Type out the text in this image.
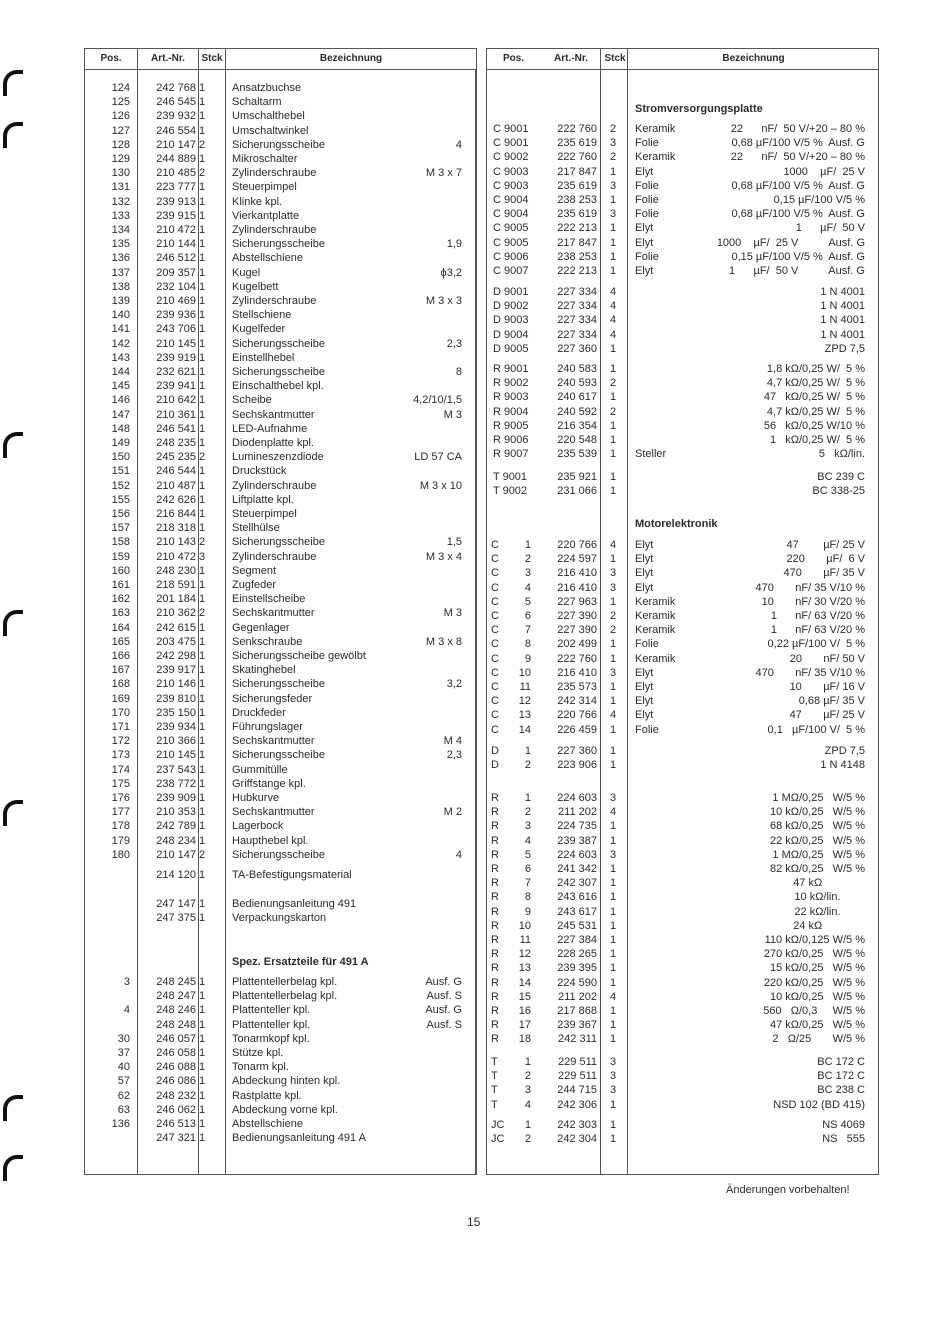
Pos.	Art.-Nr.	Stck	Bezeichnung
124	242 768 1	Ansatzbuchse
125	246 545 1	Schaltarm
126	239 932 1	Umschalthebel
127	246 554 1	Umschaltwinkel
128	210 147 2	Sicherungsscheibe	4
129	244 889 1	Mikroschalter
130	210 485 2	Zylinderschraube	M 3 x 7
131	223 777 1	Steuerpimpel
132	239 913 1	Klinke kpl.
133	239 915 1	Vierkantplatte
134	210 472 1	Zylinderschraube
135	210 144 1	Sicherungsscheibe	1,9
136	246 512 1	Abstellschiene
137	209 357 1	Kugel	ϕ3,2
138	232 104 1	Kugelbett
139	210 469 1	Zylinderschraube	M 3 x 3
140	239 936 1	Stellschiene
141	243 706 1	Kugelfeder
142	210 145 1	Sicherungsscheibe	2,3
143	239 919 1	Einstellhebel
144	232 621 1	Sicherungsscheibe	8
145	239 941 1	Einschalthebel kpl.
146	210 642 1	Scheibe	4,2/10/1,5
147	210 361 1	Sechskantmutter	M 3
148	246 541 1	LED-Aufnahme
149	248 235 1	Diodenplatte kpl.
150	245 235 2	Lumineszenzdiode	LD 57 CA
151	246 544 1	Druckstück
152	210 487 1	Zylinderschraube	M 3 x 10
155	242 626 1	Liftplatte kpl.
156	216 844 1	Steuerpimpel
157	218 318 1	Stellhülse
158	210 143 2	Sicherungsscheibe	1,5
159	210 472 3	Zylinderschraube	M 3 x 4
160	248 230 1	Segment
161	218 591 1	Zugfeder
162	201 184 1	Einstellscheibe
163	210 362 2	Sechskantmutter	M 3
164	242 615 1	Gegenlager
165	203 475 1	Senkschraube	M 3 x 8
166	242 298 1	Sicherungsscheibe gewölbt
167	239 917 1	Skatinghebel
168	210 146 1	Sicherungsscheibe	3,2
169	239 810 1	Sicherungsfeder
170	235 150 1	Druckfeder
171	239 934 1	Führungslager
172	210 366 1	Sechskantmutter	M 4
173	210 145 1	Sicherungsscheibe	2,3
174	237 543 1	Gummitülle
175	238 772 1	Griffstange kpl.
176	239 909 1	Hubkurve
177	210 353 1	Sechskantmutter	M 2
178	242 789 1	Lagerbock
179	248 234 1	Haupthebel kpl.
180	210 147 2	Sicherungsscheibe	4
214 120 1	TA-Befestigungsmaterial
247 147 1	Bedienungsanleitung 491
247 375 1	Verpackungskarton
Spez. Ersatzteile für 491 A
3	248 245 1	Plattentellerbelag kpl.	Ausf. G
248 247 1	Plattentellerbelag kpl.	Ausf. S
4	248 246 1	Plattenteller kpl.	Ausf. G
248 248 1	Plattenteller kpl.	Ausf. S
30	246 057 1	Tonarmkopf kpl.
37	246 058 1	Stütze kpl.
40	246 088 1	Tonarm kpl.
57	246 086 1	Abdeckung hinten kpl.
62	248 232 1	Rastplatte kpl.
63	246 062 1	Abdeckung vorne kpl.
136	246 513 1	Abstellschiene
247 321 1	Bedienungsanleitung 491 A
Pos.	Art.-Nr.	Stck	Bezeichnung
Stromversorgungsplatte
C 9001	222 760 2	Keramik	22      nF/  50 V/+20 – 80 %
C 9001	235 619 3	Folie	0,68 µF/100 V/5 %  Ausf. G
C 9002	222 760 2	Keramik	22      nF/  50 V/+20 – 80 %
C 9003	217 847 1	Elyt	1000    µF/  25 V
C 9003	235 619 3	Folie	0,68 µF/100 V/5 %  Ausf. G
C 9004	238 253 1	Folie	0,15 µF/100 V/5 %
C 9004	235 619 3	Folie	0,68 µF/100 V/5 %  Ausf. G
C 9005	222 213 1	Elyt	1      µF/  50 V
C 9005	217 847 1	Elyt	1000    µF/  25 V          Ausf. G
C 9006	238 253 1	Folie	0,15 µF/100 V/5 %  Ausf. G
C 9007	222 213 1	Elyt	1      µF/  50 V          Ausf. G
D 9001	227 334 4	1 N 4001
D 9002	227 334 4	1 N 4001
D 9003	227 334 4	1 N 4001
D 9004	227 334 4	1 N 4001
D 9005	227 360 1	ZPD 7,5
R 9001	240 583 1	1,8 kΩ/0,25 W/  5 %
R 9002	240 593 2	4,7 kΩ/0,25 W/  5 %
R 9003	240 617 1	47   kΩ/0,25 W/  5 %
R 9004	240 592 2	4,7 kΩ/0,25 W/  5 %
R 9005	216 354 1	56   kΩ/0,25 W/10 %
R 9006	220 548 1	1   kΩ/0,25 W/  5 %
R 9007	235 539 1	Steller	5   kΩ/lin.
T 9001	235 921 1	BC 239 C
T 9002	231 066 1	BC 338-25
Motorelektronik
C	1	220 766 4	Elyt	47        µF/ 25 V
C	2	224 597 1	Elyt	220       µF/  6 V
C	3	216 410 3	Elyt	470       µF/ 35 V
C	4	216 410 3	Elyt	470       nF/ 35 V/10 %
C	5	227 963 1	Keramik	10       nF/ 30 V/20 %
C	6	227 390 2	Keramik	1      nF/ 63 V/20 %
C	7	227 390 2	Keramik	1      nF/ 63 V/20 %
C	8	202 499 1	Folie	0,22 µF/100 V/  5 %
C	9	222 760 1	Keramik	20       nF/ 50 V
C	10	216 410 3	Elyt	470       nF/ 35 V/10 %
C	11	235 573 1	Elyt	10       µF/ 16 V
C	12	242 314 1	Elyt	0,68 µF/ 35 V
C	13	220 766 4	Elyt	47       µF/ 25 V
C	14	226 459 1	Folie	0,1   µF/100 V/  5 %
D	1	227 360 1	ZPD 7,5
D	2	223 906 1	1 N 4148
R	1	224 603 3	1 MΩ/0,25   W/5 %
R	2	211 202 4	10 kΩ/0,25   W/5 %
R	3	224 735 1	68 kΩ/0,25   W/5 %
R	4	239 387 1	22 kΩ/0,25   W/5 %
R	5	224 603 3	1 MΩ/0,25   W/5 %
R	6	241 342 1	82 kΩ/0,25   W/5 %
R	7	242 307 1	47 kΩ
R	8	243 616 1	10 kΩ/lin.
R	9	243 617 1	22 kΩ/lin.
R	10	245 531 1	24 kΩ
R	11	227 384 1	110 kΩ/0,125 W/5 %
R	12	228 265 1	270 kΩ/0,25   W/5 %
R	13	239 395 1	15 kΩ/0,25   W/5 %
R	14	224 590 1	220 kΩ/0,25   W/5 %
R	15	211 202 4	10 kΩ/0,25   W/5 %
R	16	217 868 1	560   Ω/0,3     W/5 %
R	17	239 367 1	47 kΩ/0,25   W/5 %
R	18	242 311 1	2   Ω/25       W/5 %
T	1	229 511 3	BC 172 C
T	2	229 511 3	BC 172 C
T	3	244 715 3	BC 238 C
T	4	242 306 1	NSD 102 (BD 415)
JC	1	242 303 1	NS 4069
JC	2	242 304 1	NS   555
Änderungen vorbehalten!
15
